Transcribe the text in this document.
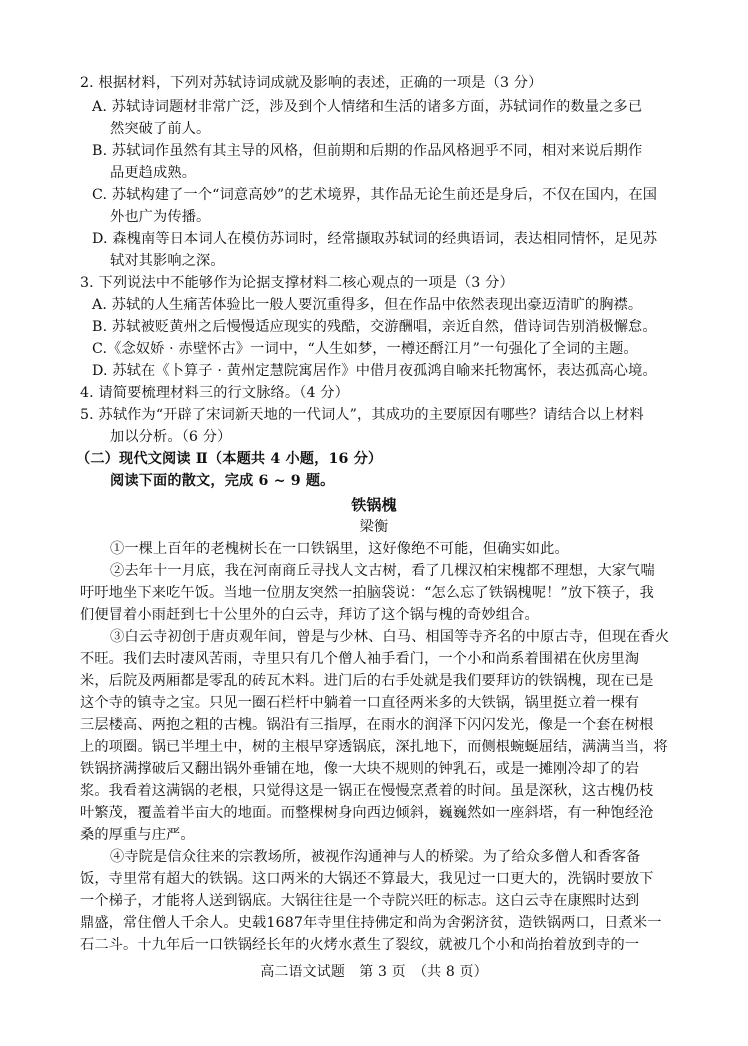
2. 根据材料，下列对苏轼诗词成就及影响的表述，正确的一项是（3 分）
A. 苏轼诗词题材非常广泛，涉及到个人情绪和生活的诸多方面，苏轼词作的数量之多已
然突破了前人。
B. 苏轼词作虽然有其主导的风格，但前期和后期的作品风格迥乎不同，相对来说后期作
品更趋成熟。
C. 苏轼构建了一个“词意高妙”的艺术境界，其作品无论生前还是身后，不仅在国内，在国
外也广为传播。
D. 森槐南等日本词人在模仿苏词时，经常撷取苏轼词的经典语词，表达相同情怀，足见苏
轼对其影响之深。
3. 下列说法中不能够作为论据支撑材料二核心观点的一项是（3 分）
A. 苏轼的人生痛苦体验比一般人要沉重得多，但在作品中依然表现出豪迈清旷的胸襟。
B. 苏轼被贬黄州之后慢慢适应现实的残酷，交游酬唱，亲近自然，借诗词告别消极懈怠。
C.《念奴娇 · 赤壁怀古》一词中，“人生如梦，一樽还酹江月”一句强化了全词的主题。
D. 苏轼在《卜算子 · 黄州定慧院寓居作》中借月夜孤鸿自喻来托物寓怀，表达孤高心境。
4. 请简要梳理材料三的行文脉络。（4 分）
5. 苏轼作为“开辟了宋词新天地的一代词人”，其成功的主要原因有哪些？请结合以上材料
加以分析。（6 分）
（二）现代文阅读 Ⅱ（本题共 4 小题，16 分）
阅读下面的散文，完成 6 ~ 9 题。
铁锅槐
梁衡
①一棵上百年的老槐树长在一口铁锅里，这好像绝不可能，但确实如此。
②去年十一月底，我在河南商丘寻找人文古树，看了几棵汉柏宋槐都不理想，大家气喘
吁吁地坐下来吃午饭。当地一位朋友突然一拍脑袋说：“怎么忘了铁锅槐呢！”放下筷子，我
们便冒着小雨赶到七十公里外的白云寺，拜访了这个锅与槐的奇妙组合。
③白云寺初创于唐贞观年间，曾是与少林、白马、相国等寺齐名的中原古寺，但现在香火
不旺。我们去时凄风苦雨，寺里只有几个僧人袖手看门，一个小和尚系着围裙在伙房里淘
米，后院及两厢都是零乱的砖瓦木料。进门后的右手处就是我们要拜访的铁锅槐，现在已是
这个寺的镇寺之宝。只见一圈石栏杆中躺着一口直径两米多的大铁锅，锅里挺立着一棵有
三层楼高、两抱之粗的古槐。锅沿有三指厚，在雨水的润泽下闪闪发光，像是一个套在树根
上的项圈。锅已半埋土中，树的主根早穿透锅底，深扎地下，而侧根蜿蜒屈结，满满当当，将
铁锅挤满撑破后又翻出锅外垂铺在地，像一大块不规则的钟乳石，或是一摊刚冷却了的岩
浆。我看着这满锅的老根，只觉得这是一锅正在慢慢烹煮着的时间。虽是深秋，这古槐仍枝
叶繁茂，覆盖着半亩大的地面。而整棵树身向西边倾斜，巍巍然如一座斜塔，有一种饱经沧
桑的厚重与庄严。
④寺院是信众往来的宗教场所，被视作沟通神与人的桥梁。为了给众多僧人和香客备
饭，寺里常有超大的铁锅。这口两米的大锅还不算最大，我见过一口更大的，洗锅时要放下
一个梯子，才能将人送到锅底。大锅往往是一个寺院兴旺的标志。这白云寺在康熙时达到
鼎盛，常住僧人千余人。史载1687年寺里住持佛定和尚为舍粥济贫，造铁锅两口，日煮米一
石二斗。十九年后一口铁锅经长年的火烤水煮生了裂纹，就被几个小和尚抬着放到寺的一
高二语文试题　第 3 页　（共 8 页）
